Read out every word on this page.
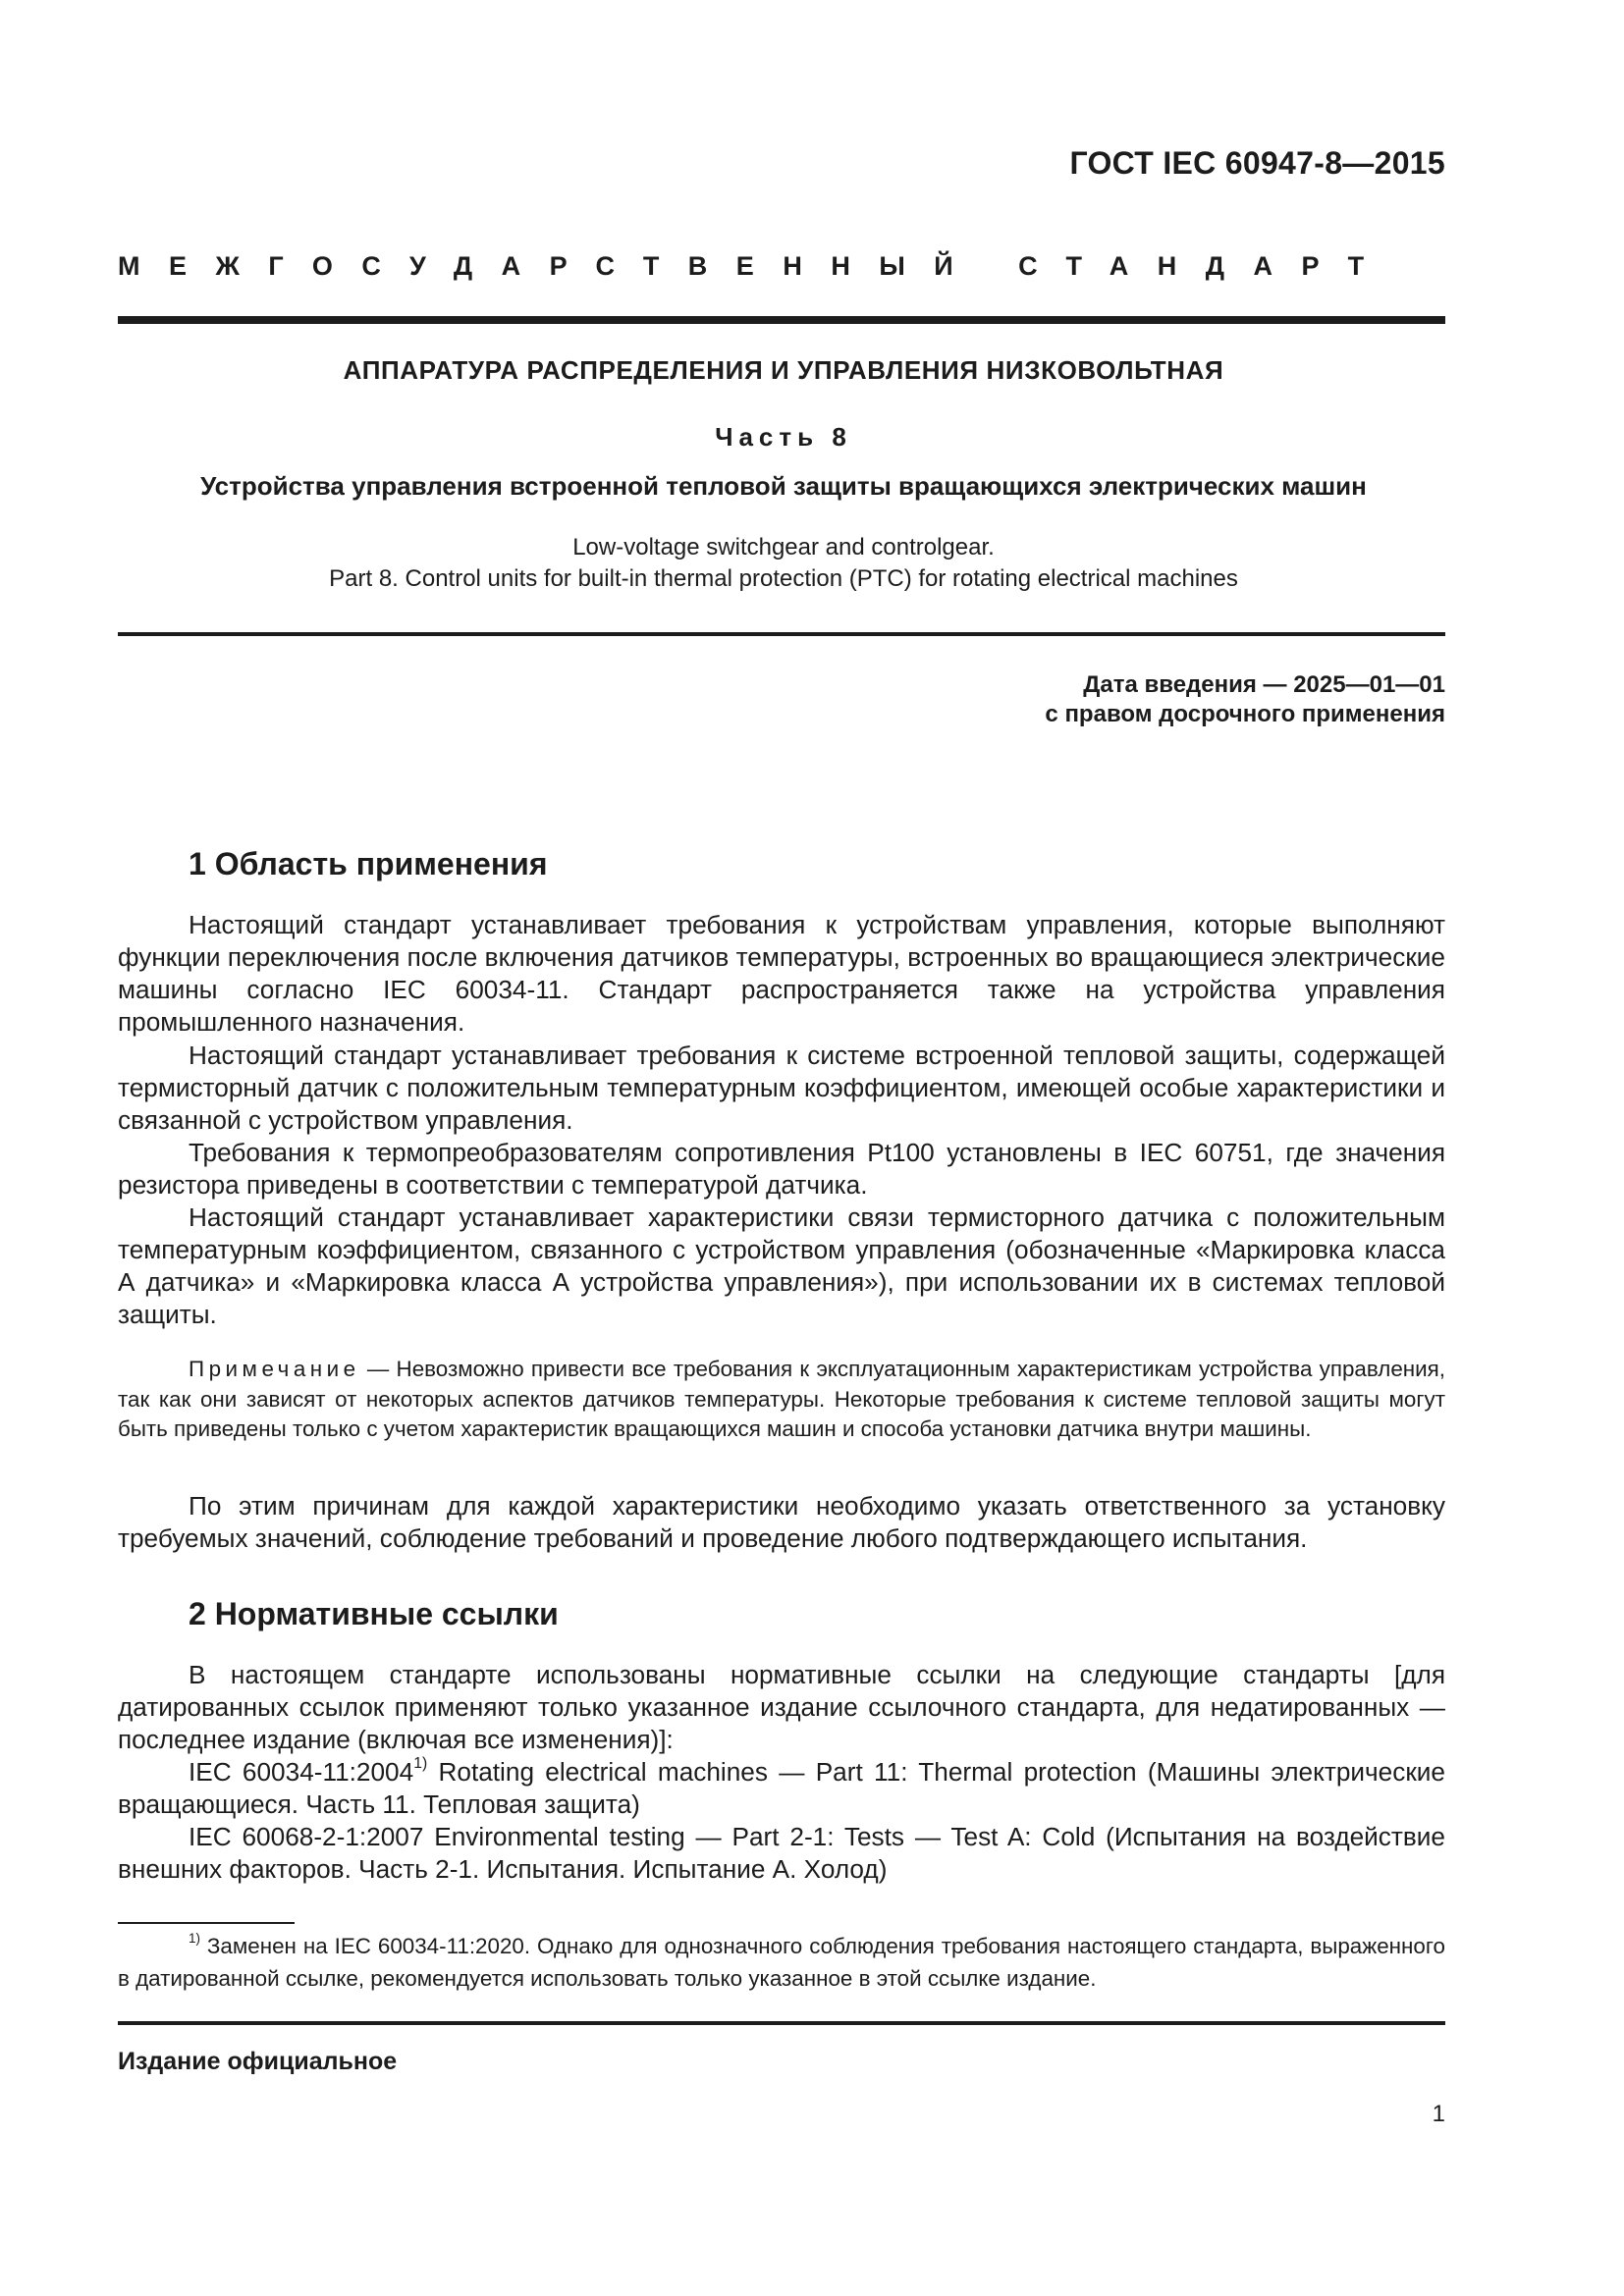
ГОСТ IEC 60947-8—2015
МЕЖГОСУДАРСТВЕННЫЙ СТАНДАРТ
АППАРАТУРА РАСПРЕДЕЛЕНИЯ И УПРАВЛЕНИЯ НИЗКОВОЛЬТНАЯ
Часть 8
Устройства управления встроенной тепловой защиты вращающихся электрических машин
Low-voltage switchgear and controlgear.
Part 8. Control units for built-in thermal protection (PTC) for rotating electrical machines
Дата введения — 2025—01—01
с правом досрочного применения
1 Область применения

Настоящий стандарт устанавливает требования к устройствам управления, которые выполняют функции переключения после включения датчиков температуры, встроенных во вращающиеся электрические машины согласно IEC 60034-11. Стандарт распространяется также на устройства управления промышленного назначения.

Настоящий стандарт устанавливает требования к системе встроенной тепловой защиты, содержащей термисторный датчик с положительным температурным коэффициентом, имеющей особые характеристики и связанной с устройством управления.

Требования к термопреобразователям сопротивления Pt100 установлены в IEC 60751, где значения резистора приведены в соответствии с температурой датчика.

Настоящий стандарт устанавливает характеристики связи термисторного датчика с положительным температурным коэффициентом, связанного с устройством управления (обозначенные «Маркировка класса А датчика» и «Маркировка класса А устройства управления»), при использовании их в системах тепловой защиты.

Примечание — Невозможно привести все требования к эксплуатационным характеристикам устройства управления, так как они зависят от некоторых аспектов датчиков температуры. Некоторые требования к системе тепловой защиты могут быть приведены только с учетом характеристик вращающихся машин и способа установки датчика внутри машины.

По этим причинам для каждой характеристики необходимо указать ответственного за установку требуемых значений, соблюдение требований и проведение любого подтверждающего испытания.

2 Нормативные ссылки

В настоящем стандарте использованы нормативные ссылки на следующие стандарты [для датированных ссылок применяют только указанное издание ссылочного стандарта, для недатированных — последнее издание (включая все изменения)]:

IEC 60034-11:2004$^{1)}$ Rotating electrical machines — Part 11: Thermal protection (Машины электрические вращающиеся. Часть 11. Тепловая защита)

IEC 60068-2-1:2007 Environmental testing — Part 2-1: Tests — Test A: Cold (Испытания на воздействие внешних факторов. Часть 2-1. Испытания. Испытание А. Холод)

$^{1)}$ Заменен на IEC 60034-11:2020. Однако для однозначного соблюдения требования настоящего стандарта, выраженного в датированной ссылке, рекомендуется использовать только указанное в этой ссылке издание.

Издание официальное
1
